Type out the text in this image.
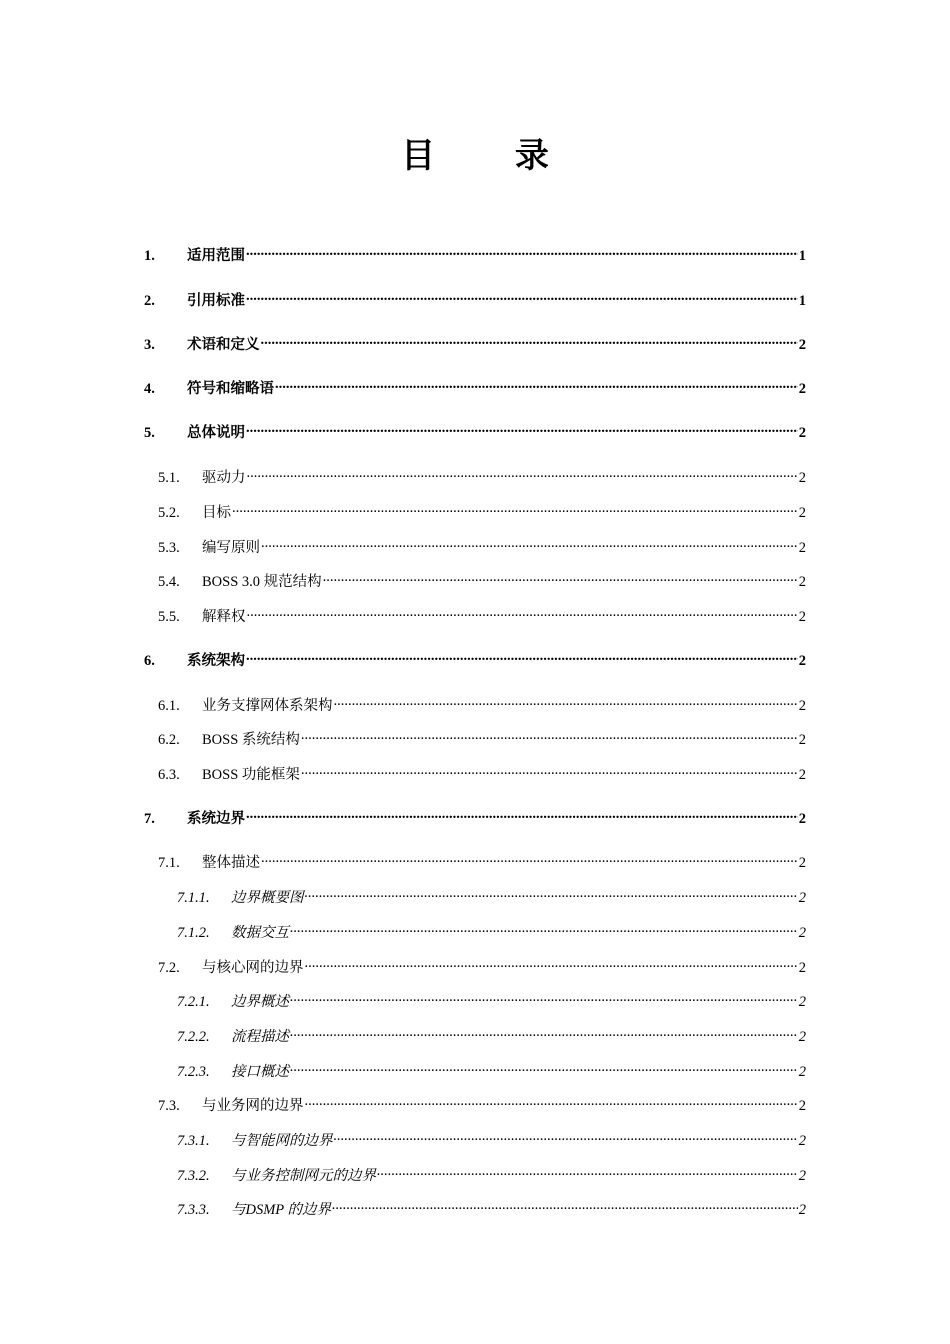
目 录
1.	适用范围 .....	1
2.	引用标准 .....	1
3.	术语和定义 .....	2
4.	符号和缩略语 .....	2
5.	总体说明 .....	2
5.1.	驱动力 .....	2
5.2.	目标 .....	2
5.3.	编写原则 .....	2
5.4.	BOSS 3.0 规范结构 .....	2
5.5.	解释权 .....	2
6.	系统架构 .....	2
6.1.	业务支撑网体系架构 .....	2
6.2.	BOSS 系统结构 .....	2
6.3.	BOSS 功能框架 .....	2
7.	系统边界 .....	2
7.1.	整体描述 .....	2
7.1.1.	边界概要图 .....	2
7.1.2.	数据交互 .....	2
7.2.	与核心网的边界 .....	2
7.2.1.	边界概述 .....	2
7.2.2.	流程描述 .....	2
7.2.3.	接口概述 .....	2
7.3.	与业务网的边界 .....	2
7.3.1.	与智能网的边界 .....	2
7.3.2.	与业务控制网元的边界 .....	2
7.3.3.	与DSMP 的边界 .....	2
